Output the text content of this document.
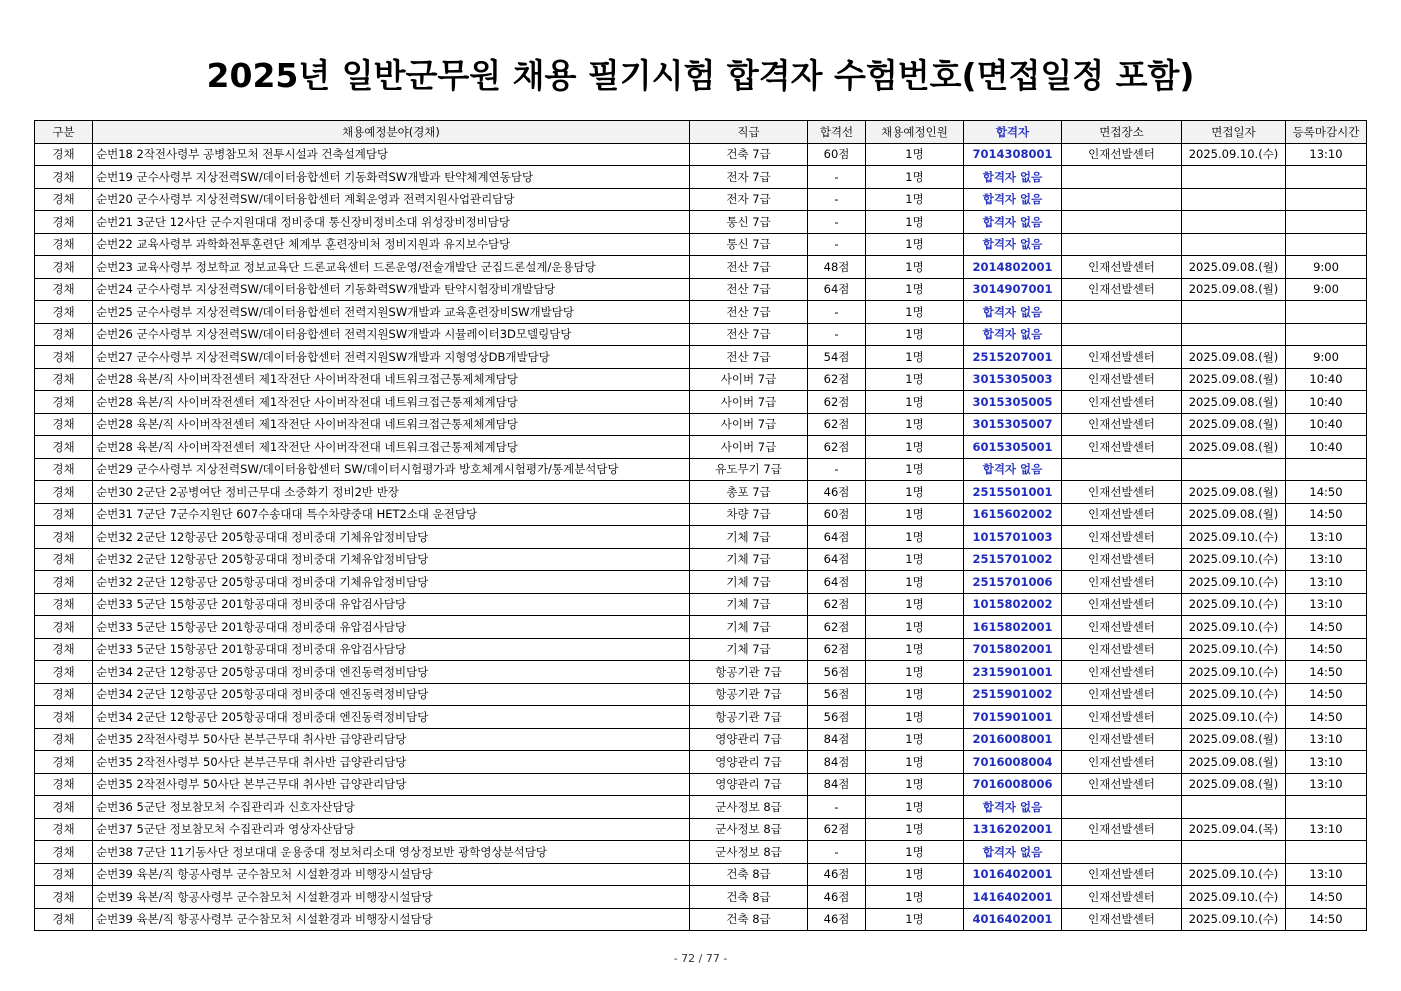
2025년 일반군무원 채용 필기시험 합격자 수험번호(면접일정 포함)
구분	채용예정분야(경채)	직급	합격선	채용예정인원	합격자	면접장소	면접일자	등록마감시간
경채	순번18 2작전사령부 공병참모처 전투시설과 건축설계담당	건축 7급	60점	1명	7014308001	인재선발센터	2025.09.10.(수)	13:10
경채	순번19 군수사령부 지상전력SW/데이터융합센터 기동화력SW개발과 탄약체계연동담당	전자 7급	-	1명	합격자 없음			
경채	순번20 군수사령부 지상전력SW/데이터융합센터 계획운영과 전력지원사업관리담당	전자 7급	-	1명	합격자 없음			
경채	순번21 3군단 12사단 군수지원대대 정비중대 통신장비정비소대 위성장비정비담당	통신 7급	-	1명	합격자 없음			
경채	순번22 교육사령부 과학화전투훈련단 체계부 훈련장비처 정비지원과 유지보수담당	통신 7급	-	1명	합격자 없음			
경채	순번23 교육사령부 정보학교 정보교육단 드론교육센터 드론운영/전술개발단 군집드론설계/운용담당	전산 7급	48점	1명	2014802001	인재선발센터	2025.09.08.(월)	9:00
경채	순번24 군수사령부 지상전력SW/데이터융합센터 기동화력SW개발과 탄약시험장비개발담당	전산 7급	64점	1명	3014907001	인재선발센터	2025.09.08.(월)	9:00
경채	순번25 군수사령부 지상전력SW/데이터융합센터 전력지원SW개발과 교육훈련장비SW개발담당	전산 7급	-	1명	합격자 없음			
경채	순번26 군수사령부 지상전력SW/데이터융합센터 전력지원SW개발과 시뮬레이터3D모델링담당	전산 7급	-	1명	합격자 없음			
경채	순번27 군수사령부 지상전력SW/데이터융합센터 전력지원SW개발과 지형영상DB개발담당	전산 7급	54점	1명	2515207001	인재선발센터	2025.09.08.(월)	9:00
경채	순번28 육본/직 사이버작전센터 제1작전단 사이버작전대 네트워크접근통제체계담당	사이버 7급	62점	1명	3015305003	인재선발센터	2025.09.08.(월)	10:40
경채	순번28 육본/직 사이버작전센터 제1작전단 사이버작전대 네트워크접근통제체계담당	사이버 7급	62점	1명	3015305005	인재선발센터	2025.09.08.(월)	10:40
경채	순번28 육본/직 사이버작전센터 제1작전단 사이버작전대 네트워크접근통제체계담당	사이버 7급	62점	1명	3015305007	인재선발센터	2025.09.08.(월)	10:40
경채	순번28 육본/직 사이버작전센터 제1작전단 사이버작전대 네트워크접근통제체계담당	사이버 7급	62점	1명	6015305001	인재선발센터	2025.09.08.(월)	10:40
경채	순번29 군수사령부 지상전력SW/데이터융합센터 SW/데이터시험평가과 방호체계시험평가/통계분석담당	유도무기 7급	-	1명	합격자 없음			
경채	순번30 2군단 2공병여단 정비근무대 소중화기 정비2반 반장	총포 7급	46점	1명	2515501001	인재선발센터	2025.09.08.(월)	14:50
경채	순번31 7군단 7군수지원단 607수송대대 특수차량중대 HET2소대 운전담당	차량 7급	60점	1명	1615602002	인재선발센터	2025.09.08.(월)	14:50
경채	순번32 2군단 12항공단 205항공대대 정비중대 기체유압정비담당	기체 7급	64점	1명	1015701003	인재선발센터	2025.09.10.(수)	13:10
경채	순번32 2군단 12항공단 205항공대대 정비중대 기체유압정비담당	기체 7급	64점	1명	2515701002	인재선발센터	2025.09.10.(수)	13:10
경채	순번32 2군단 12항공단 205항공대대 정비중대 기체유압정비담당	기체 7급	64점	1명	2515701006	인재선발센터	2025.09.10.(수)	13:10
경채	순번33 5군단 15항공단 201항공대대 정비중대 유압검사담당	기체 7급	62점	1명	1015802002	인재선발센터	2025.09.10.(수)	13:10
경채	순번33 5군단 15항공단 201항공대대 정비중대 유압검사담당	기체 7급	62점	1명	1615802001	인재선발센터	2025.09.10.(수)	14:50
경채	순번33 5군단 15항공단 201항공대대 정비중대 유압검사담당	기체 7급	62점	1명	7015802001	인재선발센터	2025.09.10.(수)	14:50
경채	순번34 2군단 12항공단 205항공대대 정비중대 엔진동력정비담당	항공기관 7급	56점	1명	2315901001	인재선발센터	2025.09.10.(수)	14:50
경채	순번34 2군단 12항공단 205항공대대 정비중대 엔진동력정비담당	항공기관 7급	56점	1명	2515901002	인재선발센터	2025.09.10.(수)	14:50
경채	순번34 2군단 12항공단 205항공대대 정비중대 엔진동력정비담당	항공기관 7급	56점	1명	7015901001	인재선발센터	2025.09.10.(수)	14:50
경채	순번35 2작전사령부 50사단 본부근무대 취사반 급양관리담당	영양관리 7급	84점	1명	2016008001	인재선발센터	2025.09.08.(월)	13:10
경채	순번35 2작전사령부 50사단 본부근무대 취사반 급양관리담당	영양관리 7급	84점	1명	7016008004	인재선발센터	2025.09.08.(월)	13:10
경채	순번35 2작전사령부 50사단 본부근무대 취사반 급양관리담당	영양관리 7급	84점	1명	7016008006	인재선발센터	2025.09.08.(월)	13:10
경채	순번36 5군단 정보참모처 수집관리과 신호자산담당	군사정보 8급	-	1명	합격자 없음			
경채	순번37 5군단 정보참모처 수집관리과 영상자산담당	군사정보 8급	62점	1명	1316202001	인재선발센터	2025.09.04.(목)	13:10
경채	순번38 7군단 11기동사단 정보대대 운용중대 정보처리소대 영상정보반 광학영상분석담당	군사정보 8급	-	1명	합격자 없음			
경채	순번39 육본/직 항공사령부 군수참모처 시설환경과 비행장시설담당	건축 8급	46점	1명	1016402001	인재선발센터	2025.09.10.(수)	13:10
경채	순번39 육본/직 항공사령부 군수참모처 시설환경과 비행장시설담당	건축 8급	46점	1명	1416402001	인재선발센터	2025.09.10.(수)	14:50
경채	순번39 육본/직 항공사령부 군수참모처 시설환경과 비행장시설담당	건축 8급	46점	1명	4016402001	인재선발센터	2025.09.10.(수)	14:50
- 72 / 77 -
